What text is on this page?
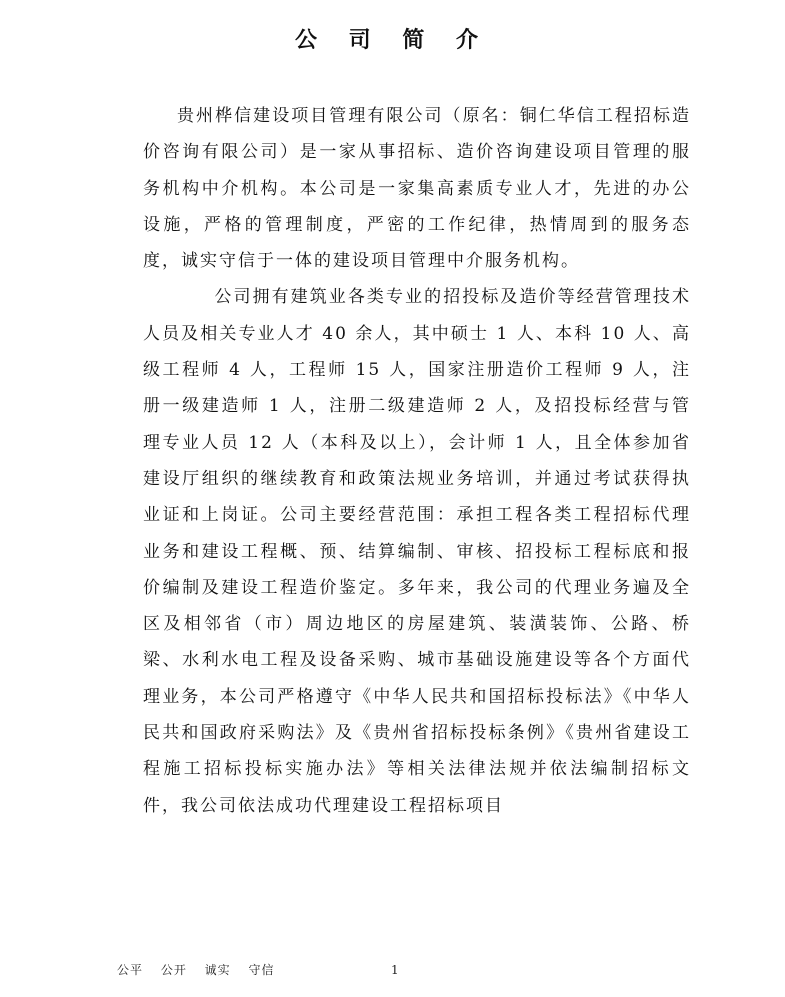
公 司 简 介

贵州桦信建设项目管理有限公司（原名：铜仁华信工程招标造价咨询有限公司）是一家从事招标、造价咨询建设项目管理的服务机构中介机构。本公司是一家集高素质专业人才，先进的办公设施，严格的管理制度，严密的工作纪律，热情周到的服务态度，诚实守信于一体的建设项目管理中介服务机构。

公司拥有建筑业各类专业的招投标及造价等经营管理技术人员及相关专业人才 40 余人，其中硕士 1 人、本科 10 人、高级工程师 4 人，工程师 15 人，国家注册造价工程师 9 人，注册一级建造师 1 人，注册二级建造师 2 人，及招投标经营与管理专业人员 12 人（本科及以上），会计师 1 人，且全体参加省建设厅组织的继续教育和政策法规业务培训，并通过考试获得执业证和上岗证。公司主要经营范围：承担工程各类工程招标代理业务和建设工程概、预、结算编制、审核、招投标工程标底和报价编制及建设工程造价鉴定。多年来，我公司的代理业务遍及全区及相邻省（市）周边地区的房屋建筑、装潢装饰、公路、桥梁、水利水电工程及设备采购、城市基础设施建设等各个方面代理业务，本公司严格遵守《中华人民共和国招标投标法》《中华人民共和国政府采购法》及《贵州省招标投标条例》《贵州省建设工程施工招标投标实施办法》等相关法律法规并依法编制招标文件，我公司依法成功代理建设工程招标项目

公平　 公开　 诚实　 守信	1
